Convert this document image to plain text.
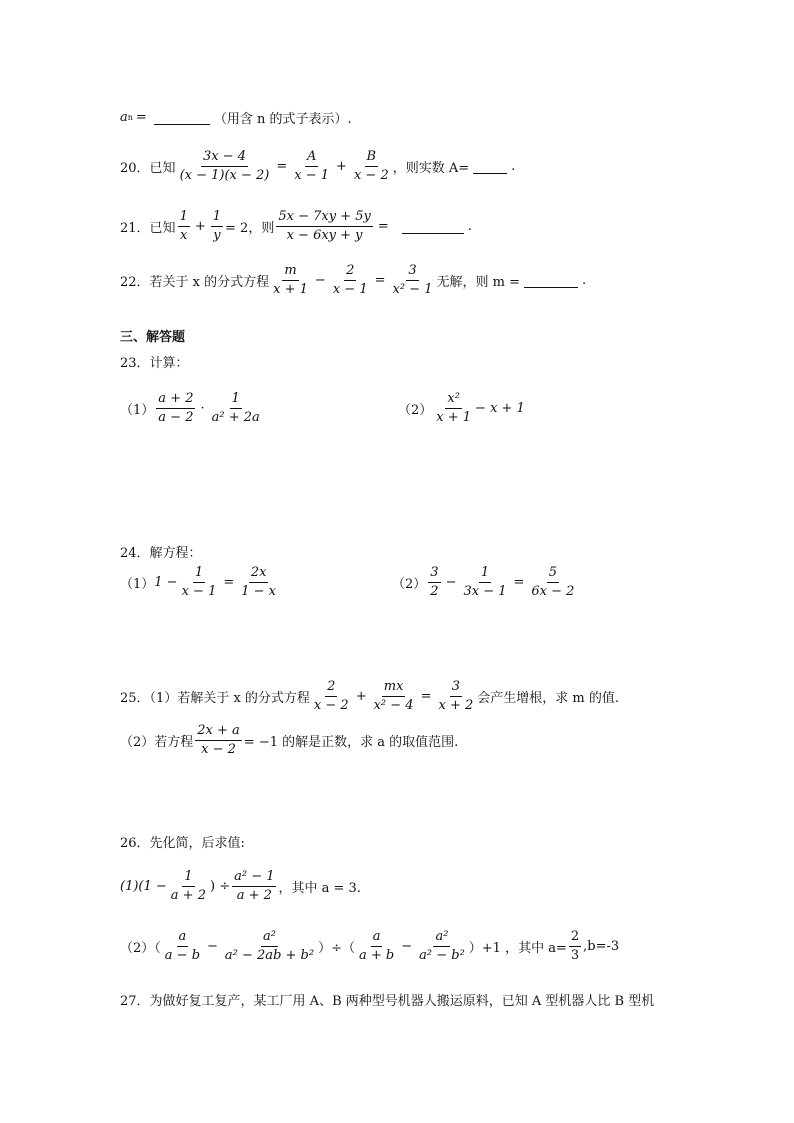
a n =	（用含 n 的式子表示）.
20． 已知 $\frac{3x - 4}{(x - 1)(x - 2)} = \frac{A}{x - 1} + \frac{B}{x - 2}$ ，则实数 A=	.
21． 已知 $\frac{1}{x} + \frac{1}{y} = 2$，则 $\frac{5x - 7xy + 5y}{x - 6xy + y}$ =	.
22． 若关于 x 的分式方程 $\frac{m}{x + 1} - \frac{2}{x - 1} = \frac{3}{\text{x² − 1}}$ 无解，则 m =	.
三、解答题
23．计算：
$(1) \frac{a + 2}{a - 2} \cdot \frac{1}{\text{a² + 2a}}$	$(2) \frac{\text{x²}}{x + 1} - x + 1$
24．解方程：
（1） $1 - \frac{1}{x - 1} = \frac{2x}{1 - x}$	$(2) \frac{3}{2} - \frac{1}{3x - 1} = \frac{5}{6x - 2}$
25．（1）若解关于 x 的分式方程 $\frac{2}{x - 2} + \frac{mx}{\text{x² − 4}} = \frac{3}{x + 2}$ 会产生增根，求 m 的值.
（2）若方程 $\frac{2x + a}{x - 2} = -1$ 的解是正数，求 a 的取值范围.
26．先化简，后求值:
$(1)(1 - \frac{1}{a + 2}$ ) ÷ $\frac{\text{a² − 1}}{a + 2}$ ，其中 a = 3.
$(2)( \frac{a}{a - b} - \frac{\text{a²}}{\text{a² − 2ab + b²}}$ ）÷（ $\frac{a}{a + b} - \frac{\text{a²}}{\text{a² − b²}} )+1$ ，其中 $a= \frac{2}{3} ,b=-3$
27．为做好复工复产，某工厂用 A、B 两种型号机器人搬运原料，已知 A 型机器人比 B 型机
